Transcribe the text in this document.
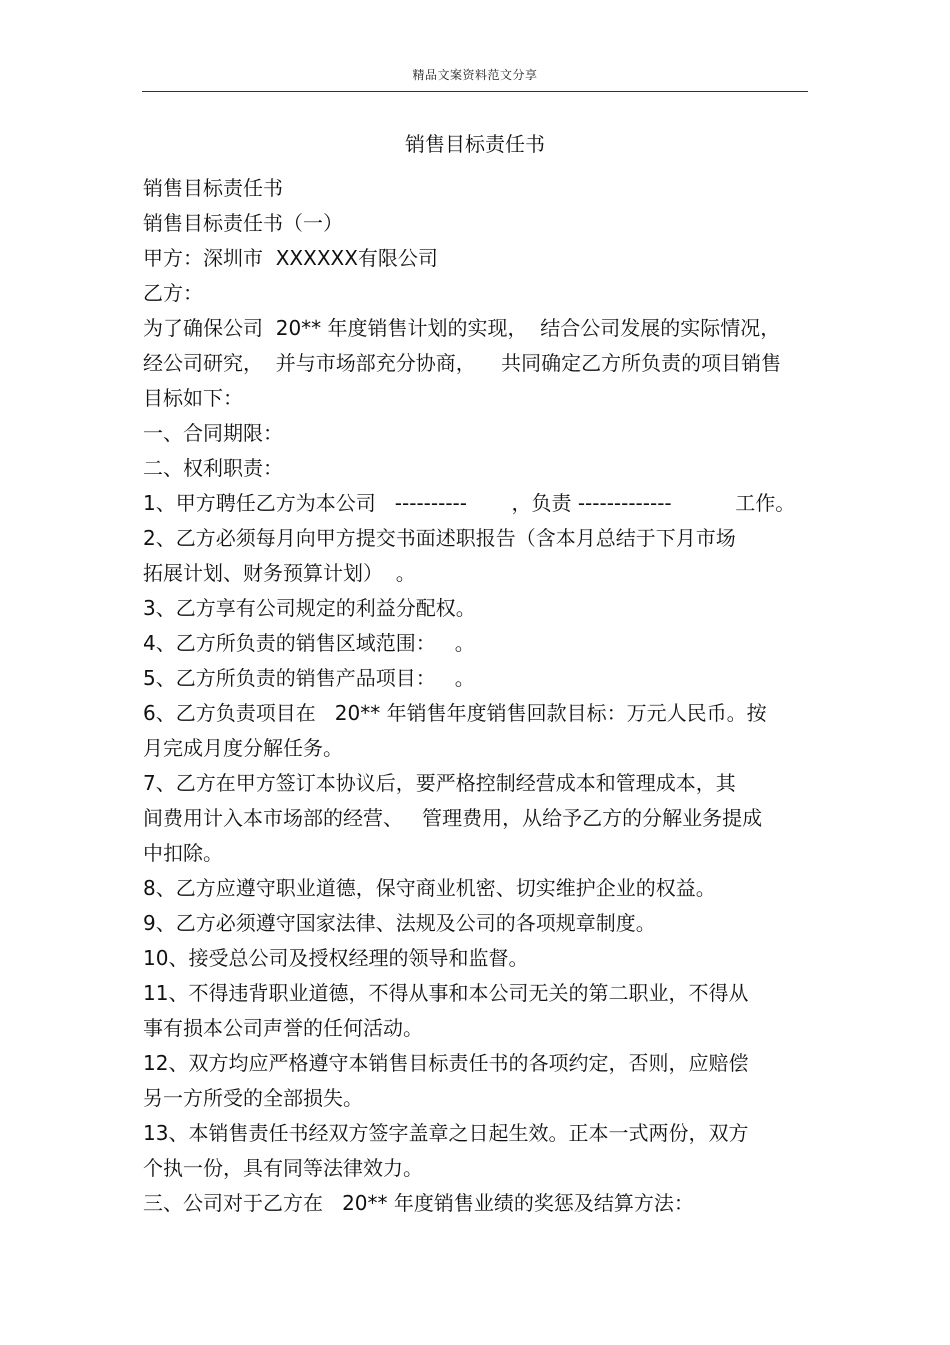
精品文案资料范文分享
销售目标责任书
销售目标责任书
销售目标责任书（一）
甲方：深圳市  XXXXXX有限公司
乙方：
为了确保公司  20** 年度销售计划的实现，  结合公司发展的实际情况，
经公司研究，  并与市场部充分协商，    共同确定乙方所负责的项目销售
目标如下：
一、合同期限：
二、权利职责：
1、甲方聘任乙方为本公司   ----------       ，负责 -------------          工作。
2、乙方必须每月向甲方提交书面述职报告（含本月总结于下月市场
拓展计划、财务预算计划）  。
3、乙方享有公司规定的利益分配权。
4、乙方所负责的销售区域范围：   。
5、乙方所负责的销售产品项目：   。
6、乙方负责项目在   20** 年销售年度销售回款目标：万元人民币。按
月完成月度分解任务。
7、乙方在甲方签订本协议后，要严格控制经营成本和管理成本，其
间费用计入本市场部的经营、   管理费用，从给予乙方的分解业务提成
中扣除。
8、乙方应遵守职业道德，保守商业机密、切实维护企业的权益。
9、乙方必须遵守国家法律、法规及公司的各项规章制度。
10、接受总公司及授权经理的领导和监督。
11、不得违背职业道德，不得从事和本公司无关的第二职业，不得从
事有损本公司声誉的任何活动。
12、双方均应严格遵守本销售目标责任书的各项约定，否则，应赔偿
另一方所受的全部损失。
13、本销售责任书经双方签字盖章之日起生效。正本一式两份，双方
个执一份，具有同等法律效力。
三、公司对于乙方在   20** 年度销售业绩的奖惩及结算方法：
